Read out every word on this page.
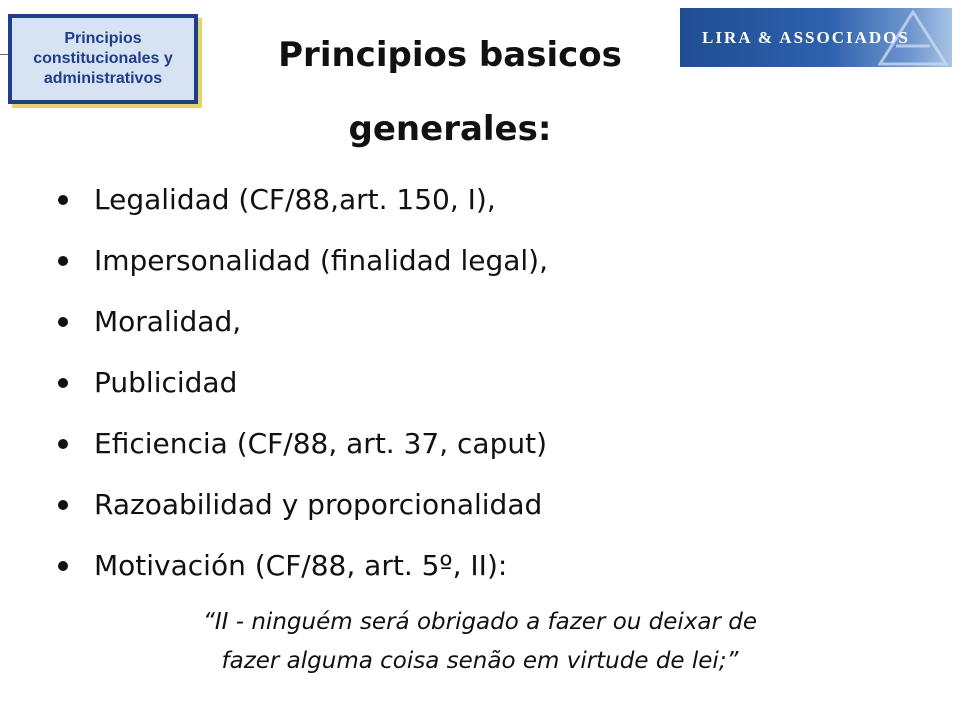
Principios
constitucionales y
administrativos
Principios basicos
generales:
LIRA & ASSOCIADOS
Legalidad (CF/88,art. 150, I),
Impersonalidad (finalidad legal),
Moralidad,
Publicidad
Eficiencia (CF/88, art. 37, caput)
Razoabilidad y proporcionalidad
Motivación (CF/88, art. 5º, II):
“II - ninguém será obrigado a fazer ou deixar de
fazer alguma coisa senão em virtude de lei;”
